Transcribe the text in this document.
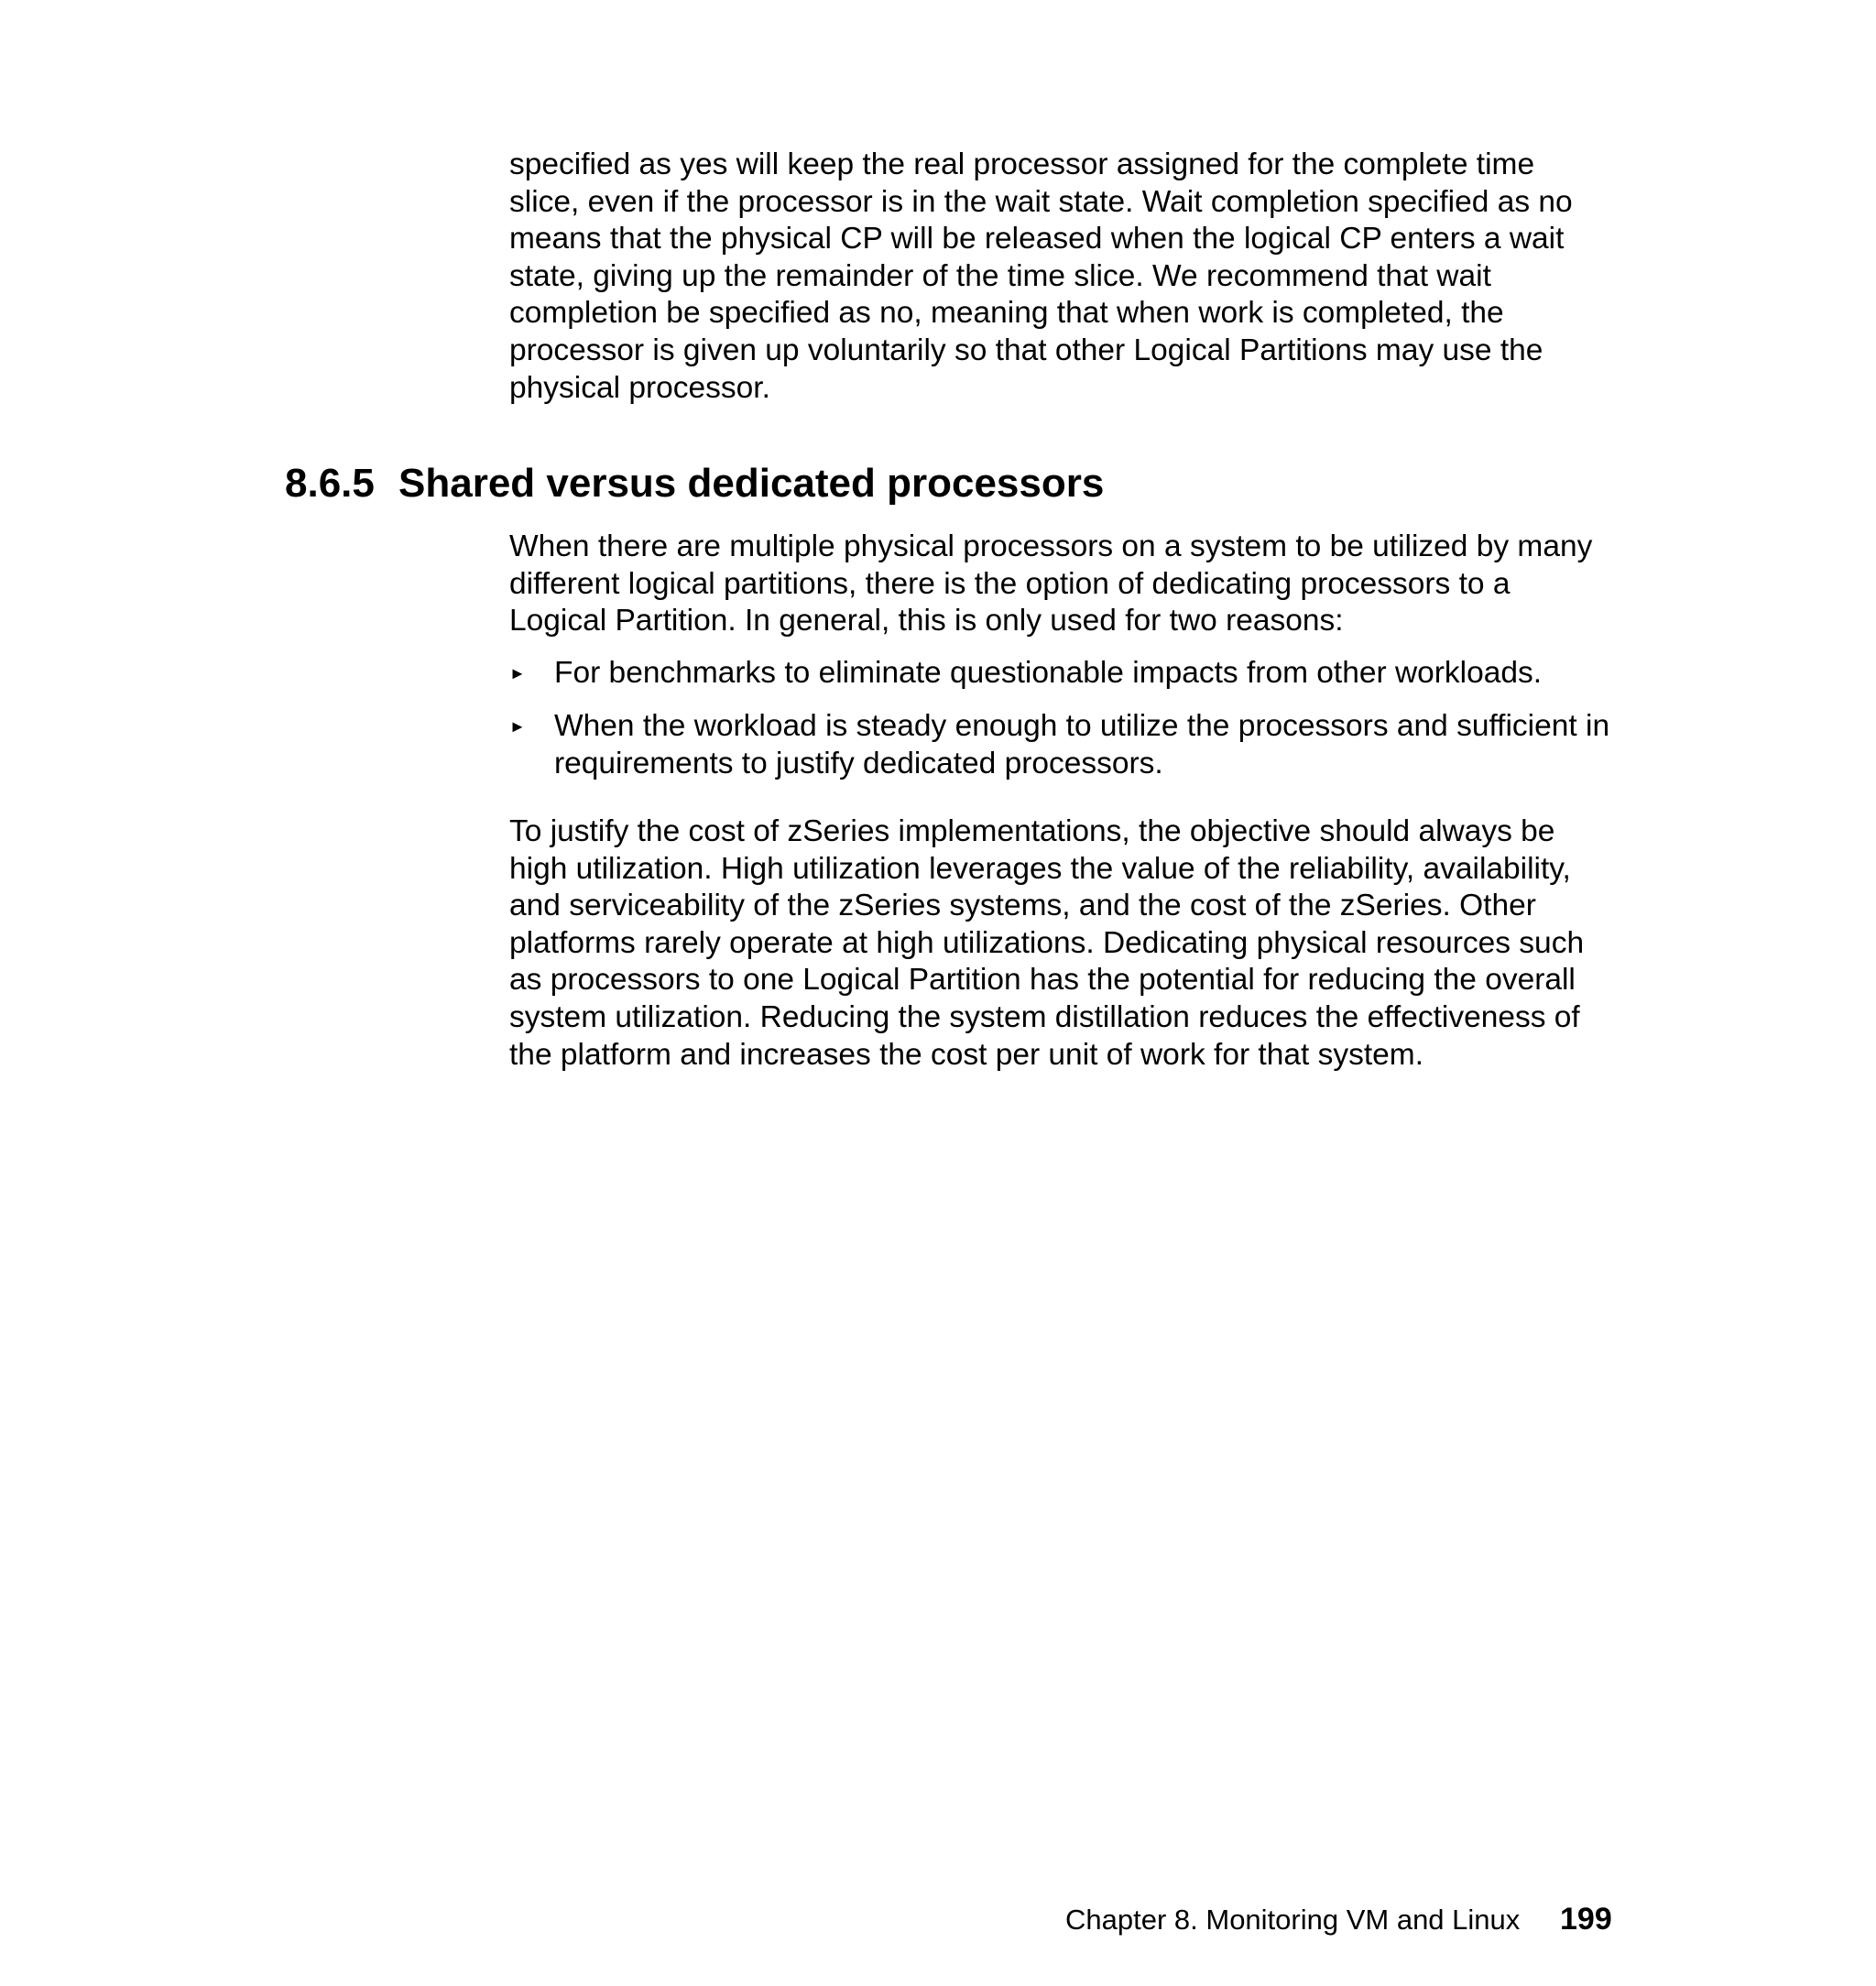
specified as yes will keep the real processor assigned for the complete time
slice, even if the processor is in the wait state. Wait completion specified as no
means that the physical CP will be released when the logical CP enters a wait
state, giving up the remainder of the time slice. We recommend that wait
completion be specified as no, meaning that when work is completed, the
processor is given up voluntarily so that other Logical Partitions may use the
physical processor.

8.6.5 Shared versus dedicated processors

When there are multiple physical processors on a system to be utilized by many
different logical partitions, there is the option of dedicating processors to a
Logical Partition. In general, this is only used for two reasons:

► For benchmarks to eliminate questionable impacts from other workloads.
► When the workload is steady enough to utilize the processors and sufficient in
requirements to justify dedicated processors.

To justify the cost of zSeries implementations, the objective should always be
high utilization. High utilization leverages the value of the reliability, availability,
and serviceability of the zSeries systems, and the cost of the zSeries. Other
platforms rarely operate at high utilizations. Dedicating physical resources such
as processors to one Logical Partition has the potential for reducing the overall
system utilization. Reducing the system distillation reduces the effectiveness of
the platform and increases the cost per unit of work for that system.

Chapter 8. Monitoring VM and Linux 199
